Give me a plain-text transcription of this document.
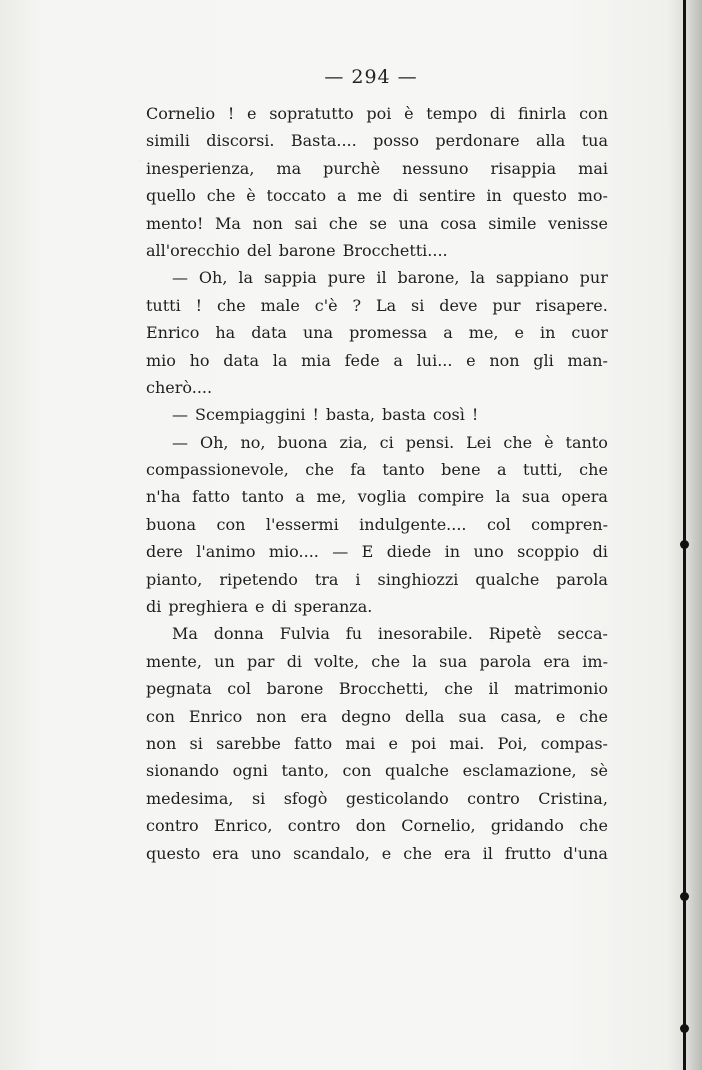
— 294 —
Cornelio ! e sopratutto poi è tempo di finirla con
simili discorsi. Basta.... posso perdonare alla tua
inesperienza, ma purchè nessuno risappia mai
quello che è toccato a me di sentire in questo mo-
mento! Ma non sai che se una cosa simile venisse
all'orecchio del barone Brocchetti....
— Oh, la sappia pure il barone, la sappiano pur
tutti ! che male c'è ? La si deve pur risapere.
Enrico ha data una promessa a me, e in cuor
mio ho data la mia fede a lui... e non gli man-
cherò....
— Scempiaggini ! basta, basta così !
— Oh, no, buona zia, ci pensi. Lei che è tanto
compassionevole, che fa tanto bene a tutti, che
n'ha fatto tanto a me, voglia compire la sua opera
buona con l'essermi indulgente.... col compren-
dere l'animo mio.... — E diede in uno scoppio di
pianto, ripetendo tra i singhiozzi qualche parola
di preghiera e di speranza.
Ma donna Fulvia fu inesorabile. Ripetè secca-
mente, un par di volte, che la sua parola era im-
pegnata col barone Brocchetti, che il matrimonio
con Enrico non era degno della sua casa, e che
non si sarebbe fatto mai e poi mai. Poi, compas-
sionando ogni tanto, con qualche esclamazione, sè
medesima, si sfogò gesticolando contro Cristina,
contro Enrico, contro don Cornelio, gridando che
questo era uno scandalo, e che era il frutto d'una
